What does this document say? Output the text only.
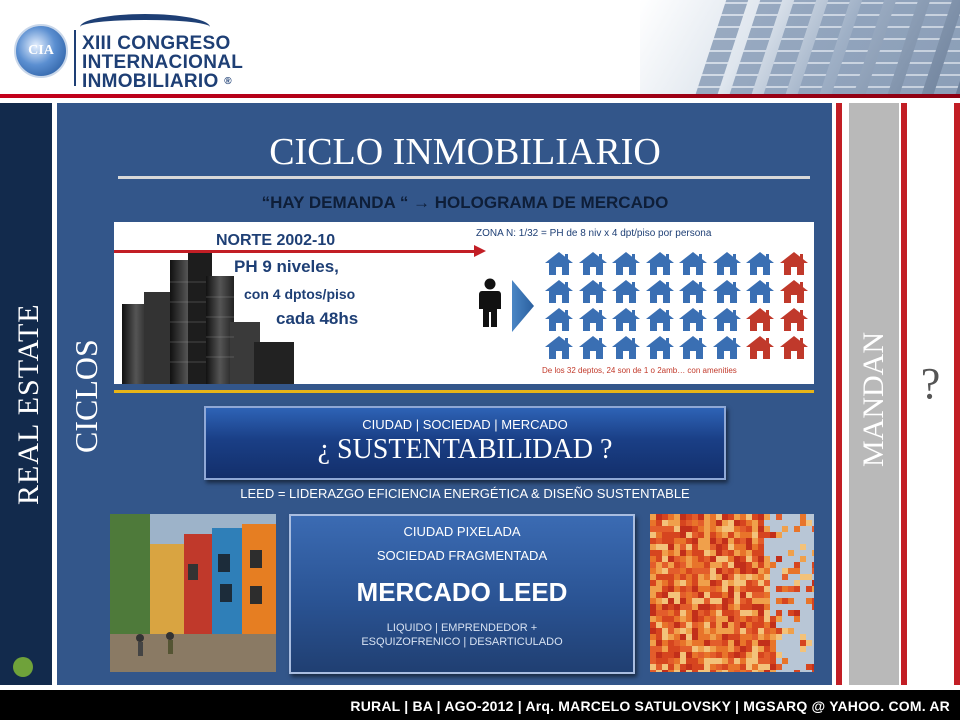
CIA	XIII CONGRESO
INTERNACIONAL
INMOBILIARIO ®
REAL ESTATE CICLOS
CICLO INMOBILIARIO
“HAY DEMANDA “ → HOLOGRAMA DE MERCADO
NORTE 2002-10
PH 9 niveles,
con 4 dptos/piso
cada 48hs
ZONA N: 1/32 = PH de 8 niv x 4 dpt/piso por persona
De los 32 deptos, 24 son de 1 o 2amb… con amenities
CIUDAD | SOCIEDAD | MERCADO
¿ SUSTENTABILIDAD ?
LEED = LIDERAZGO EFICIENCIA ENERGÉTICA & DISEÑO SUSTENTABLE
CIUDAD PIXELADA
SOCIEDAD FRAGMENTADA
MERCADO LEED
LIQUIDO | EMPRENDEDOR +
ESQUIZOFRENICO | DESARTICULADO
MANDAN ?
RURAL | BA | AGO-2012 | Arq. MARCELO SATULOVSKY | MGSARQ @ YAHOO. COM. AR
